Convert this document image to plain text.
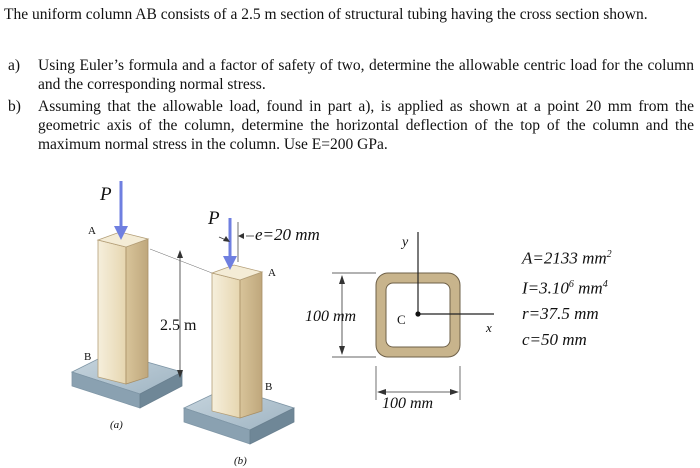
The uniform column AB consists of a 2.5 m section of structural tubing having the cross section shown.
a) Using Euler’s formula and a factor of safety of two, determine the allowable centric load for the column and the corresponding normal stress.
b) Assuming that the allowable load, found in part a), is applied as shown at a point 20 mm from the geometric axis of the column, determine the horizontal deflection of the top of the column and the maximum normal stress in the column. Use E=200 GPa.
P
A
B
(a)
2.5 m
P
e=20 mm
A
B
(b)
100 mm
y
x
C
100 mm
A=2133 $mm^2$
$I=3.10^6$ $mm^4$
r=37.5 mm
c=50 mm
